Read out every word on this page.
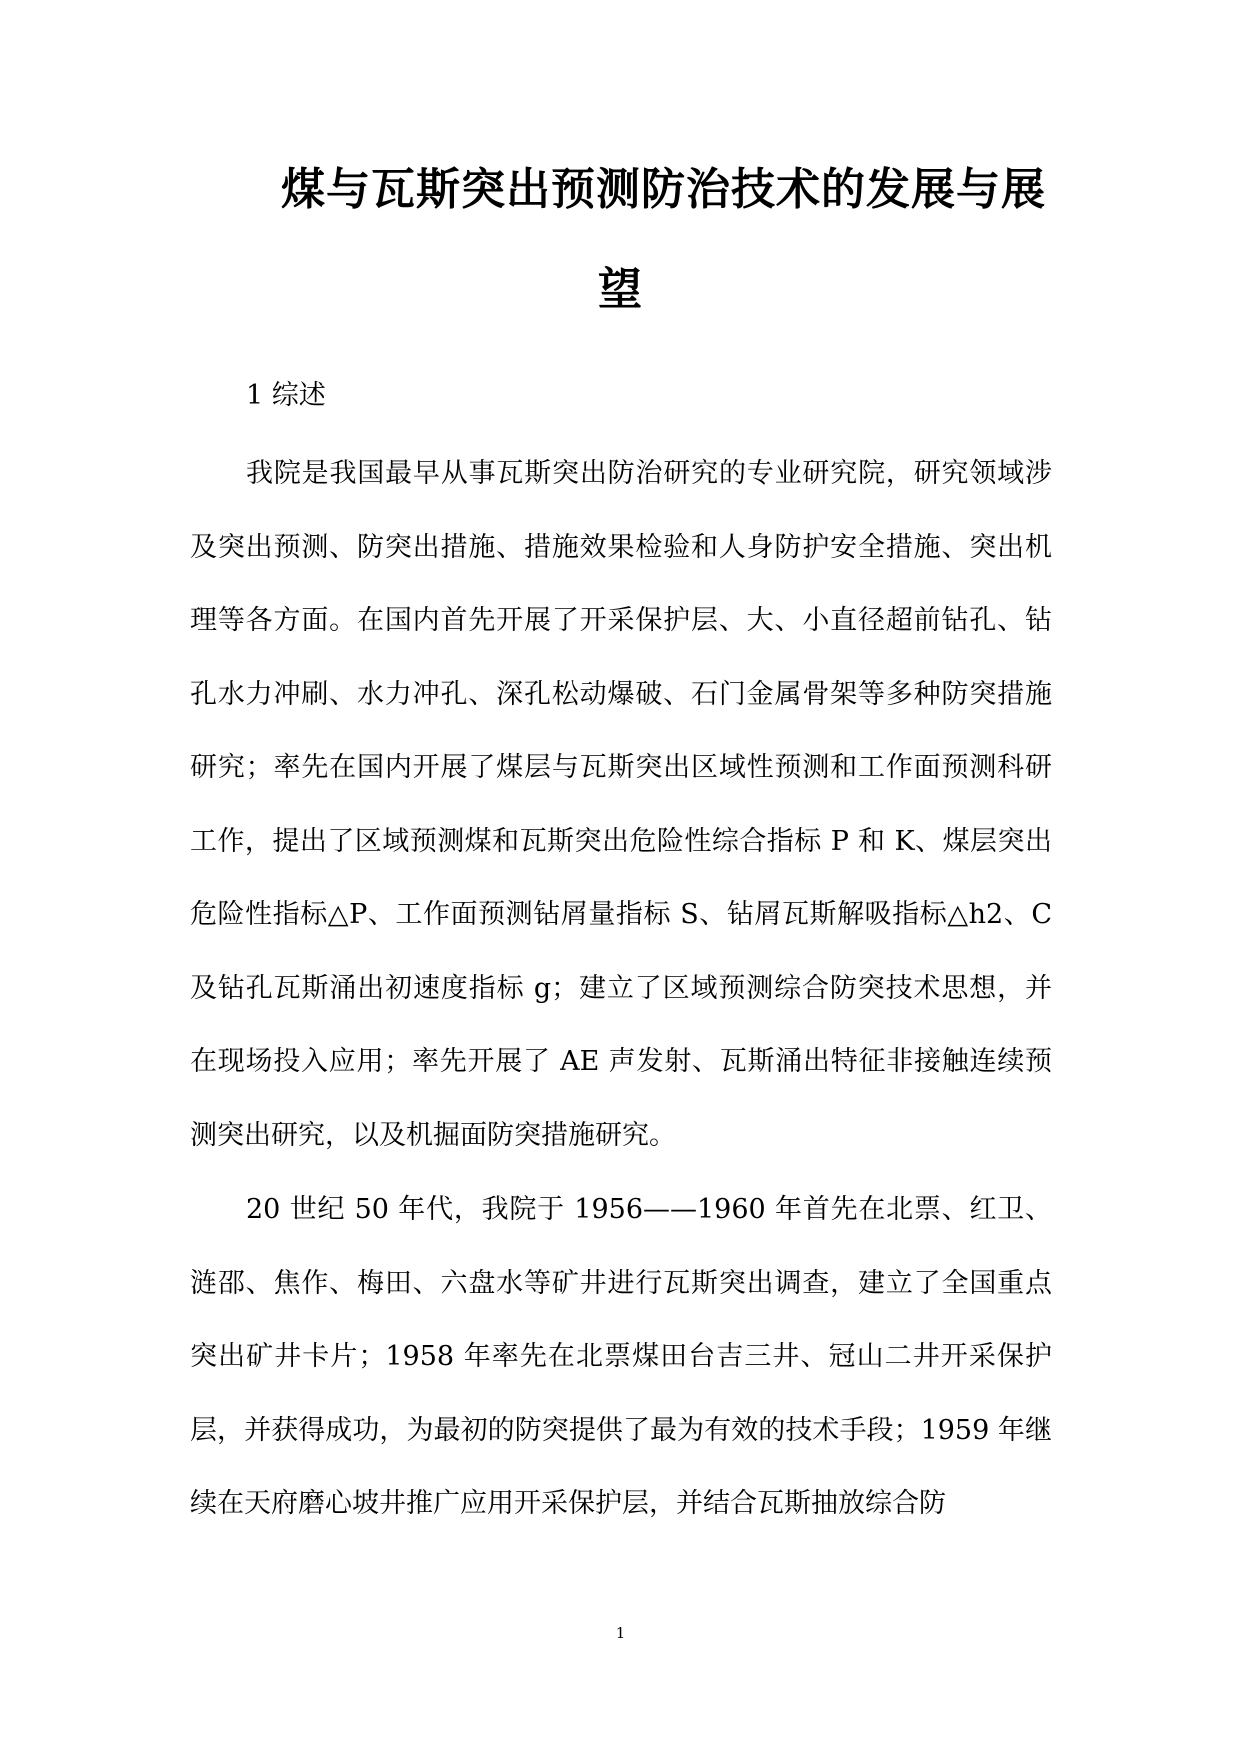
煤与瓦斯突出预测防治技术的发展与展望
1 综述

我院是我国最早从事瓦斯突出防治研究的专业研究院，研究领域涉及突出预测、防突出措施、措施效果检验和人身防护安全措施、突出机理等各方面。在国内首先开展了开采保护层、大、小直径超前钻孔、钻孔水力冲刷、水力冲孔、深孔松动爆破、石门金属骨架等多种防突措施研究；率先在国内开展了煤层与瓦斯突出区域性预测和工作面预测科研工作，提出了区域预测煤和瓦斯突出危险性综合指标 P 和 K、煤层突出危险性指标△P、工作面预测钻屑量指标 S、钻屑瓦斯解吸指标△h2、C 及钻孔瓦斯涌出初速度指标 g；建立了区域预测综合防突技术思想，并在现场投入应用；率先开展了 AE 声发射、瓦斯涌出特征非接触连续预测突出研究，以及机掘面防突措施研究。

20 世纪 50 年代，我院于 1956——1960 年首先在北票、红卫、涟邵、焦作、梅田、六盘水等矿井进行瓦斯突出调查，建立了全国重点突出矿井卡片；1958 年率先在北票煤田台吉三井、冠山二井开采保护层，并获得成功，为最初的防突提供了最为有效的技术手段；1959 年继续在天府磨心坡井推广应用开采保护层，并结合瓦斯抽放综合防

1
